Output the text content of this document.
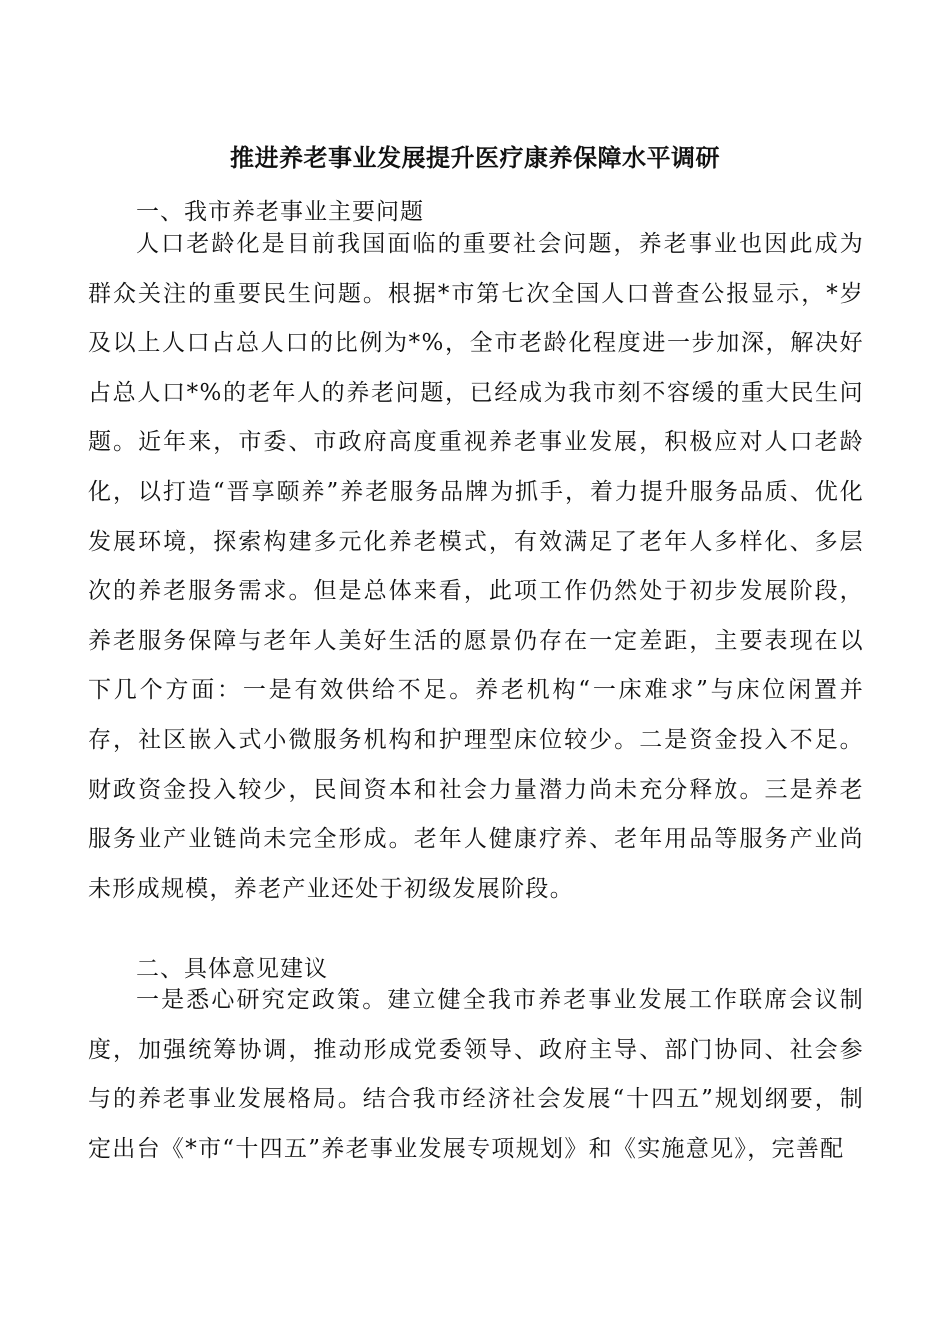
推进养老事业发展提升医疗康养保障水平调研

一、我市养老事业主要问题

人口老龄化是目前我国面临的重要社会问题，养老事业也因此成为群众关注的重要民生问题。根据*市第七次全国人口普查公报显示，*岁及以上人口占总人口的比例为*%，全市老龄化程度进一步加深，解决好占总人口*%的老年人的养老问题，已经成为我市刻不容缓的重大民生问题。近年来，市委、市政府高度重视养老事业发展，积极应对人口老龄化，以打造“晋享颐养”养老服务品牌为抓手，着力提升服务品质、优化发展环境，探索构建多元化养老模式，有效满足了老年人多样化、多层次的养老服务需求。但是总体来看，此项工作仍然处于初步发展阶段，养老服务保障与老年人美好生活的愿景仍存在一定差距，主要表现在以下几个方面：一是有效供给不足。养老机构“一床难求”与床位闲置并存，社区嵌入式小微服务机构和护理型床位较少。二是资金投入不足。财政资金投入较少，民间资本和社会力量潜力尚未充分释放。三是养老服务业产业链尚未完全形成。老年人健康疗养、老年用品等服务产业尚未形成规模，养老产业还处于初级发展阶段。

二、具体意见建议

一是悉心研究定政策。建立健全我市养老事业发展工作联席会议制度，加强统筹协调，推动形成党委领导、政府主导、部门协同、社会参与的养老事业发展格局。结合我市经济社会发展“十四五”规划纲要，制定出台《*市“十四五”养老事业发展专项规划》和《实施意见》，完善配
